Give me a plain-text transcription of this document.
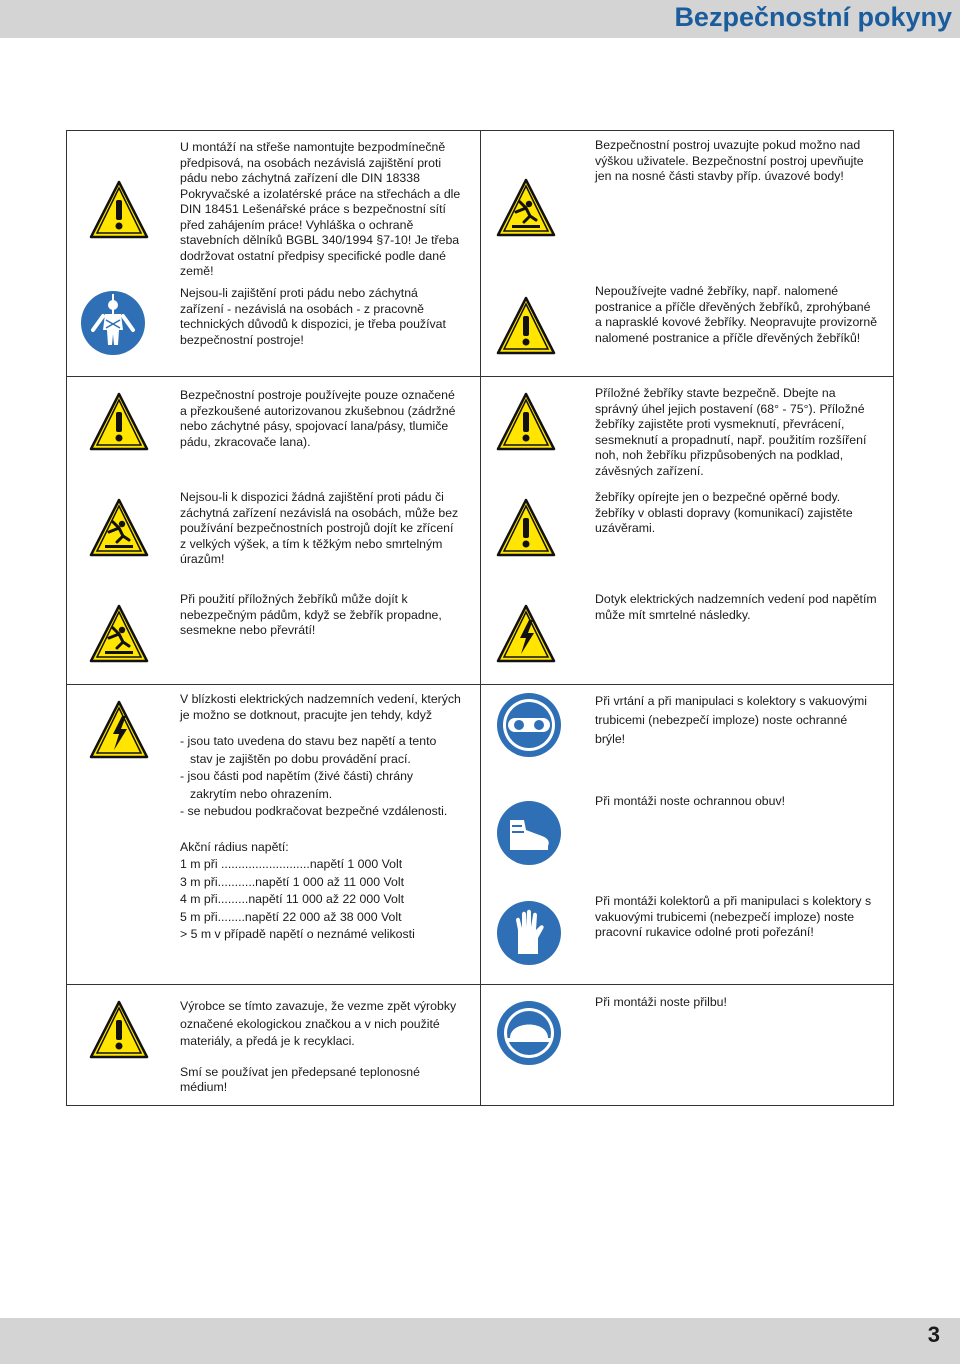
Bezpečnostní pokyny
U montáží na střeše namontujte bezpodmínečně předpisová, na osobách nezávislá zajištění proti pádu nebo záchytná zařízení dle DIN 18338 Pokryvačské a izolatérské práce na střechách a dle DIN 18451 Lešenářské práce s bezpečnostní sítí před zahájením práce! Vyhláška o ochraně stavebních dělníků BGBL 340/1994 §7-10! Je třeba dodržovat ostatní předpisy specifické podle dané země!
Nejsou-li zajištění proti pádu nebo záchytná zařízení - nezávislá na osobách - z pracovně technických důvodů k dispozici, je třeba používat bezpečnostní postroje!
Bezpečnostní postroje používejte pouze označené a přezkoušené autorizovanou zkušebnou (zádržné nebo záchytné pásy, spojovací lana/pásy, tlumiče pádu, zkracovače lana).
Nejsou-li k dispozici žádná zajištění proti pádu či záchytná zařízení nezávislá na osobách, může bez používání bezpečnostních postrojů dojít ke zřícení z velkých výšek, a tím k těžkým nebo smrtelným úrazům!
Při použití příložných žebříků může dojít k nebezpečným pádům, když se žebřík propadne, sesmekne nebo převrátí!

V blízkosti elektrických nadzemních vedení, kterých je možno se dotknout, pracujte jen tehdy, když

- jsou tato uvedena do stavu bez napětí a tento

stav je zajištěn po dobu provádění prací.

- jsou části pod napětím (živé části) chrány

zakrytím nebo ohrazením.

- se nebudou podkračovat bezpečné vzdálenosti.

Akční rádius napětí:

1 m při ..........................napětí 1 000 Volt

3 m při...........napětí 1 000 až 11 000 Volt

4 m při.........napětí 11 000 až 22 000 Volt

5 m při........napětí 22 000 až 38 000 Volt

> 5 m v případě napětí o neznámé velikosti

Výrobce se tímto zavazuje, že vezme zpět výrobky označené ekologickou značkou a v nich použité materiály, a předá je k recyklaci.

Smí se používat jen předepsané teplonosné médium!

Bezpečnostní postroj uvazujte pokud možno nad výškou uživatele. Bezpečnostní postroj upevňujte jen na nosné části stavby příp. úvazové body!
Nepoužívejte vadné žebříky, např. nalomené postranice a příčle dřevěných žebříků, zprohýbané a naprasklé kovové žebříky. Neopravujte provizorně nalomené postranice a příčle dřevěných žebříků!
Příložné žebříky stavte bezpečně. Dbejte na správný úhel jejich postavení (68° - 75°). Příložné žebříky zajistěte proti vysmeknutí, převrácení, sesmeknutí a propadnutí, např. použitím rozšíření noh, noh žebříku přizpůsobených na podklad, závěsných zařízení.
žebříky opírejte jen o bezpečné opěrné body. žebříky v oblasti dopravy (komunikací) zajistěte uzávěrami.
Dotyk elektrických nadzemních vedení pod napětím může mít smrtelné následky.
Při vrtání a při manipulaci s kolektory s vakuovými trubicemi (nebezpečí imploze) noste ochranné brýle!
Při montáži noste ochrannou obuv!
Při montáži kolektorů a při manipulaci s kolektory s vakuovými trubicemi (nebezpečí imploze) noste pracovní rukavice odolné proti pořezání!
Při montáži noste přilbu!
3
